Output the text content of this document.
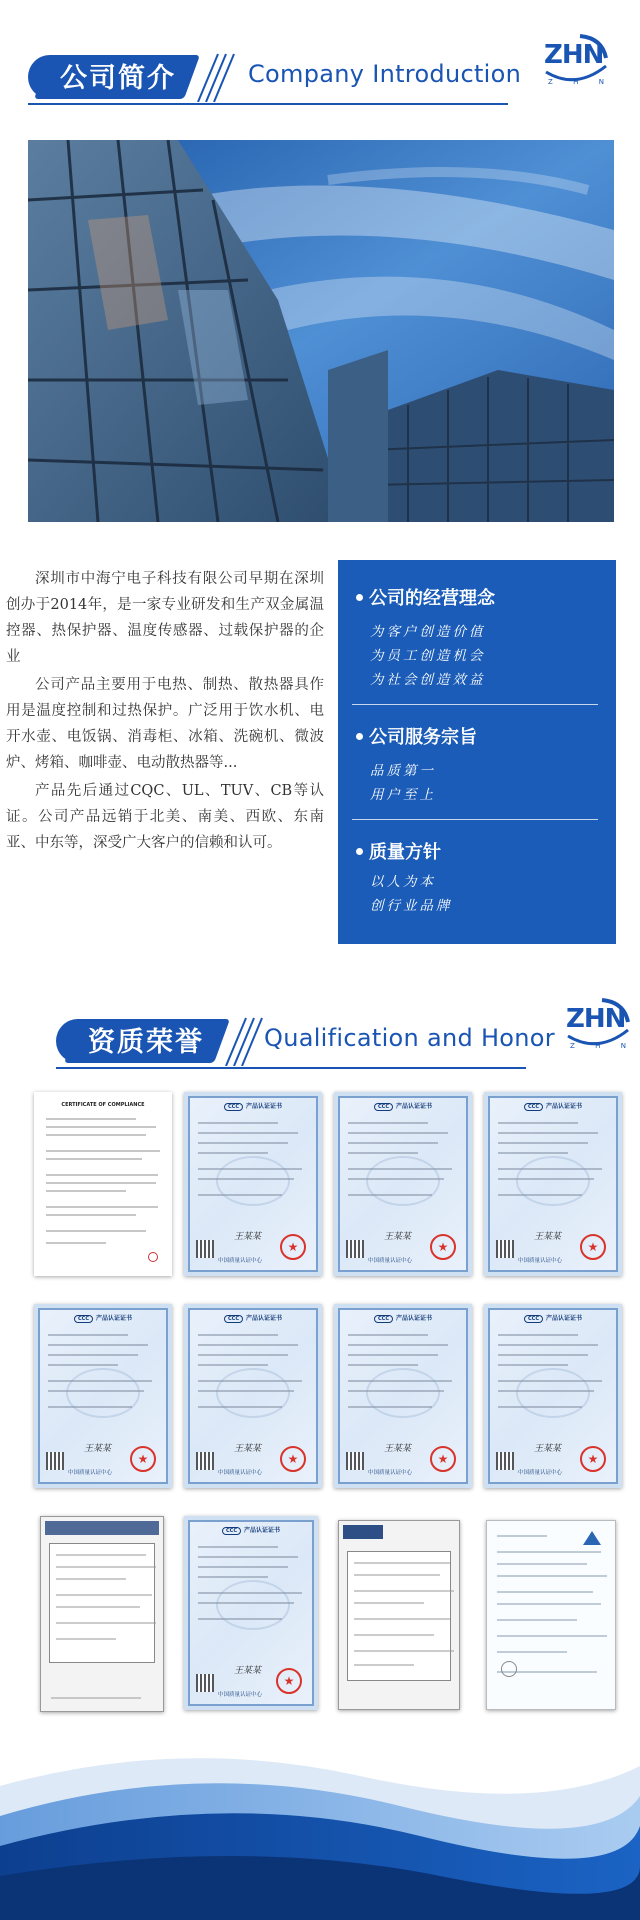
公司简介	Company Introduction
ZHN
Z	H	N

深圳市中海宁电子科技有限公司早期在深圳创办于2014年，是一家专业研发和生产双金属温控器、热保护器、温度传感器、过载保护器的企业

公司产品主要用于电热、制热、散热器具作用是温度控制和过热保护。广泛用于饮水机、电开水壶、电饭锅、消毒柜、冰箱、洗碗机、微波炉、烤箱、咖啡壶、电动散热器等...

产品先后通过CQC、UL、TUV、CB等认证。公司产品远销于北美、南美、西欧、东南亚、中东等，深受广大客户的信赖和认可。

公司的经营理念
为客户创造价值
为员工创造机会
为社会创造效益
公司服务宗旨
品质第一
用户至上
质量方针
以人为本
创行业品牌
资质荣誉	Qualification and Honor
ZHN
Z	H	N
CERTIFICATE OF COMPLIANCE	CCC 产品认证证书
王某某
★
中国质量认证中心
CCC 产品认证证书
王某某
★
中国质量认证中心
CCC 产品认证证书
王某某
★
中国质量认证中心
CCC 产品认证证书
王某某
★
中国质量认证中心
CCC 产品认证证书
王某某
★
中国质量认证中心
CCC 产品认证证书
王某某
★
中国质量认证中心
CCC 产品认证证书
王某某
★
中国质量认证中心
CCC 产品认证证书
王某某
★
中国质量认证中心
